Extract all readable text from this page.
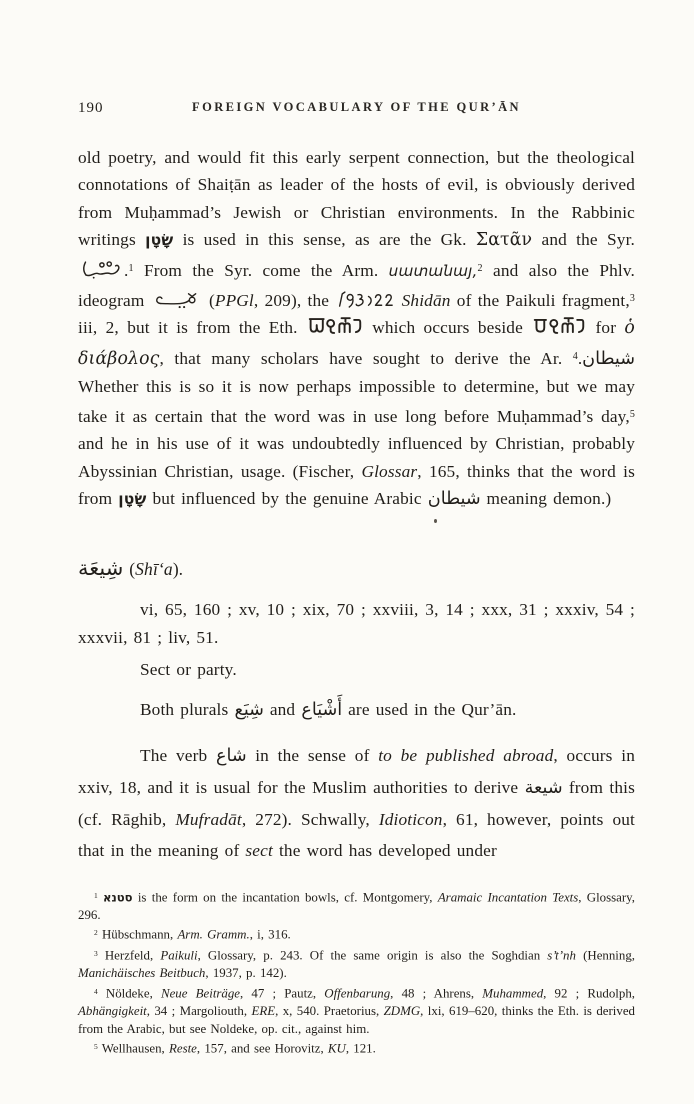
190	FOREIGN VOCABULARY OF THE QUR’ĀN

old poetry, and would fit this early serpent connection, but the theological connotations of Shaiṭān as leader of the hosts of evil, is obviously derived from Muḥammad’s Jewish or Christian environments. In the Rabbinic writings שָׂטָן is used in this sense, as are the Gk. Σατᾶν and the Syr. .$^1$ From the Syr. come the Arm. սատանայ,$^2$ and also the Phlv. ideogram	(PPGl, 209), the	Shidān of the Paikuli fragment,$^3$ iii, 2, but it is from the Eth.	which occurs beside	for ὁ διάβολος, that many scholars have sought to derive the Ar. شيطان.$^4$ Whether this is so it is now perhaps impossible to determine, but we may take it as certain that the word was in use long before Muḥammad’s day,$^5$ and he in his use of it was undoubtedly influenced by Christian, probably Abyssinian Christian, usage. (Fischer, Glossar, 165, thinks that the word is from שָׂטָן but influenced by the genuine Arabic شيطان meaning demon.)

شِيعَة (Shī‘a).

vi, 65, 160 ; xv, 10 ; xix, 70 ; xxviii, 3, 14 ; xxx, 31 ; xxxiv, 54 ; xxxvii, 81 ; liv, 51.

Sect or party.

Both plurals شِيَع and أَشْيَاع are used in the Qur’ān.

The verb شاع in the sense of to be published abroad, occurs in xxiv, 18, and it is usual for the Muslim authorities to derive شيعة from this (cf. Rāghib, Mufradāt, 272). Schwally, Idioticon, 61, however, points out that in the meaning of sect the word has developed under

$^1$ סטנא is the form on the incantation bowls, cf. Montgomery, Aramaic Incantation Texts, Glossary, 296.

$^2$ Hübschmann, Arm. Gramm., i, 316.

$^3$ Herzfeld, Paikuli, Glossary, p. 243. Of the same origin is also the Soghdian s’t’nh (Henning, Manichäisches Beitbuch, 1937, p. 142).

$^4$ Nöldeke, Neue Beiträge, 47 ; Pautz, Offenbarung, 48 ; Ahrens, Muhammed, 92 ; Rudolph, Abhängigkeit, 34 ; Margoliouth, ERE, x, 540. Praetorius, ZDMG, lxi, 619–620, thinks the Eth. is derived from the Arabic, but see Noldeke, op. cit., against him.

$^5$ Wellhausen, Reste, 157, and see Horovitz, KU, 121.
